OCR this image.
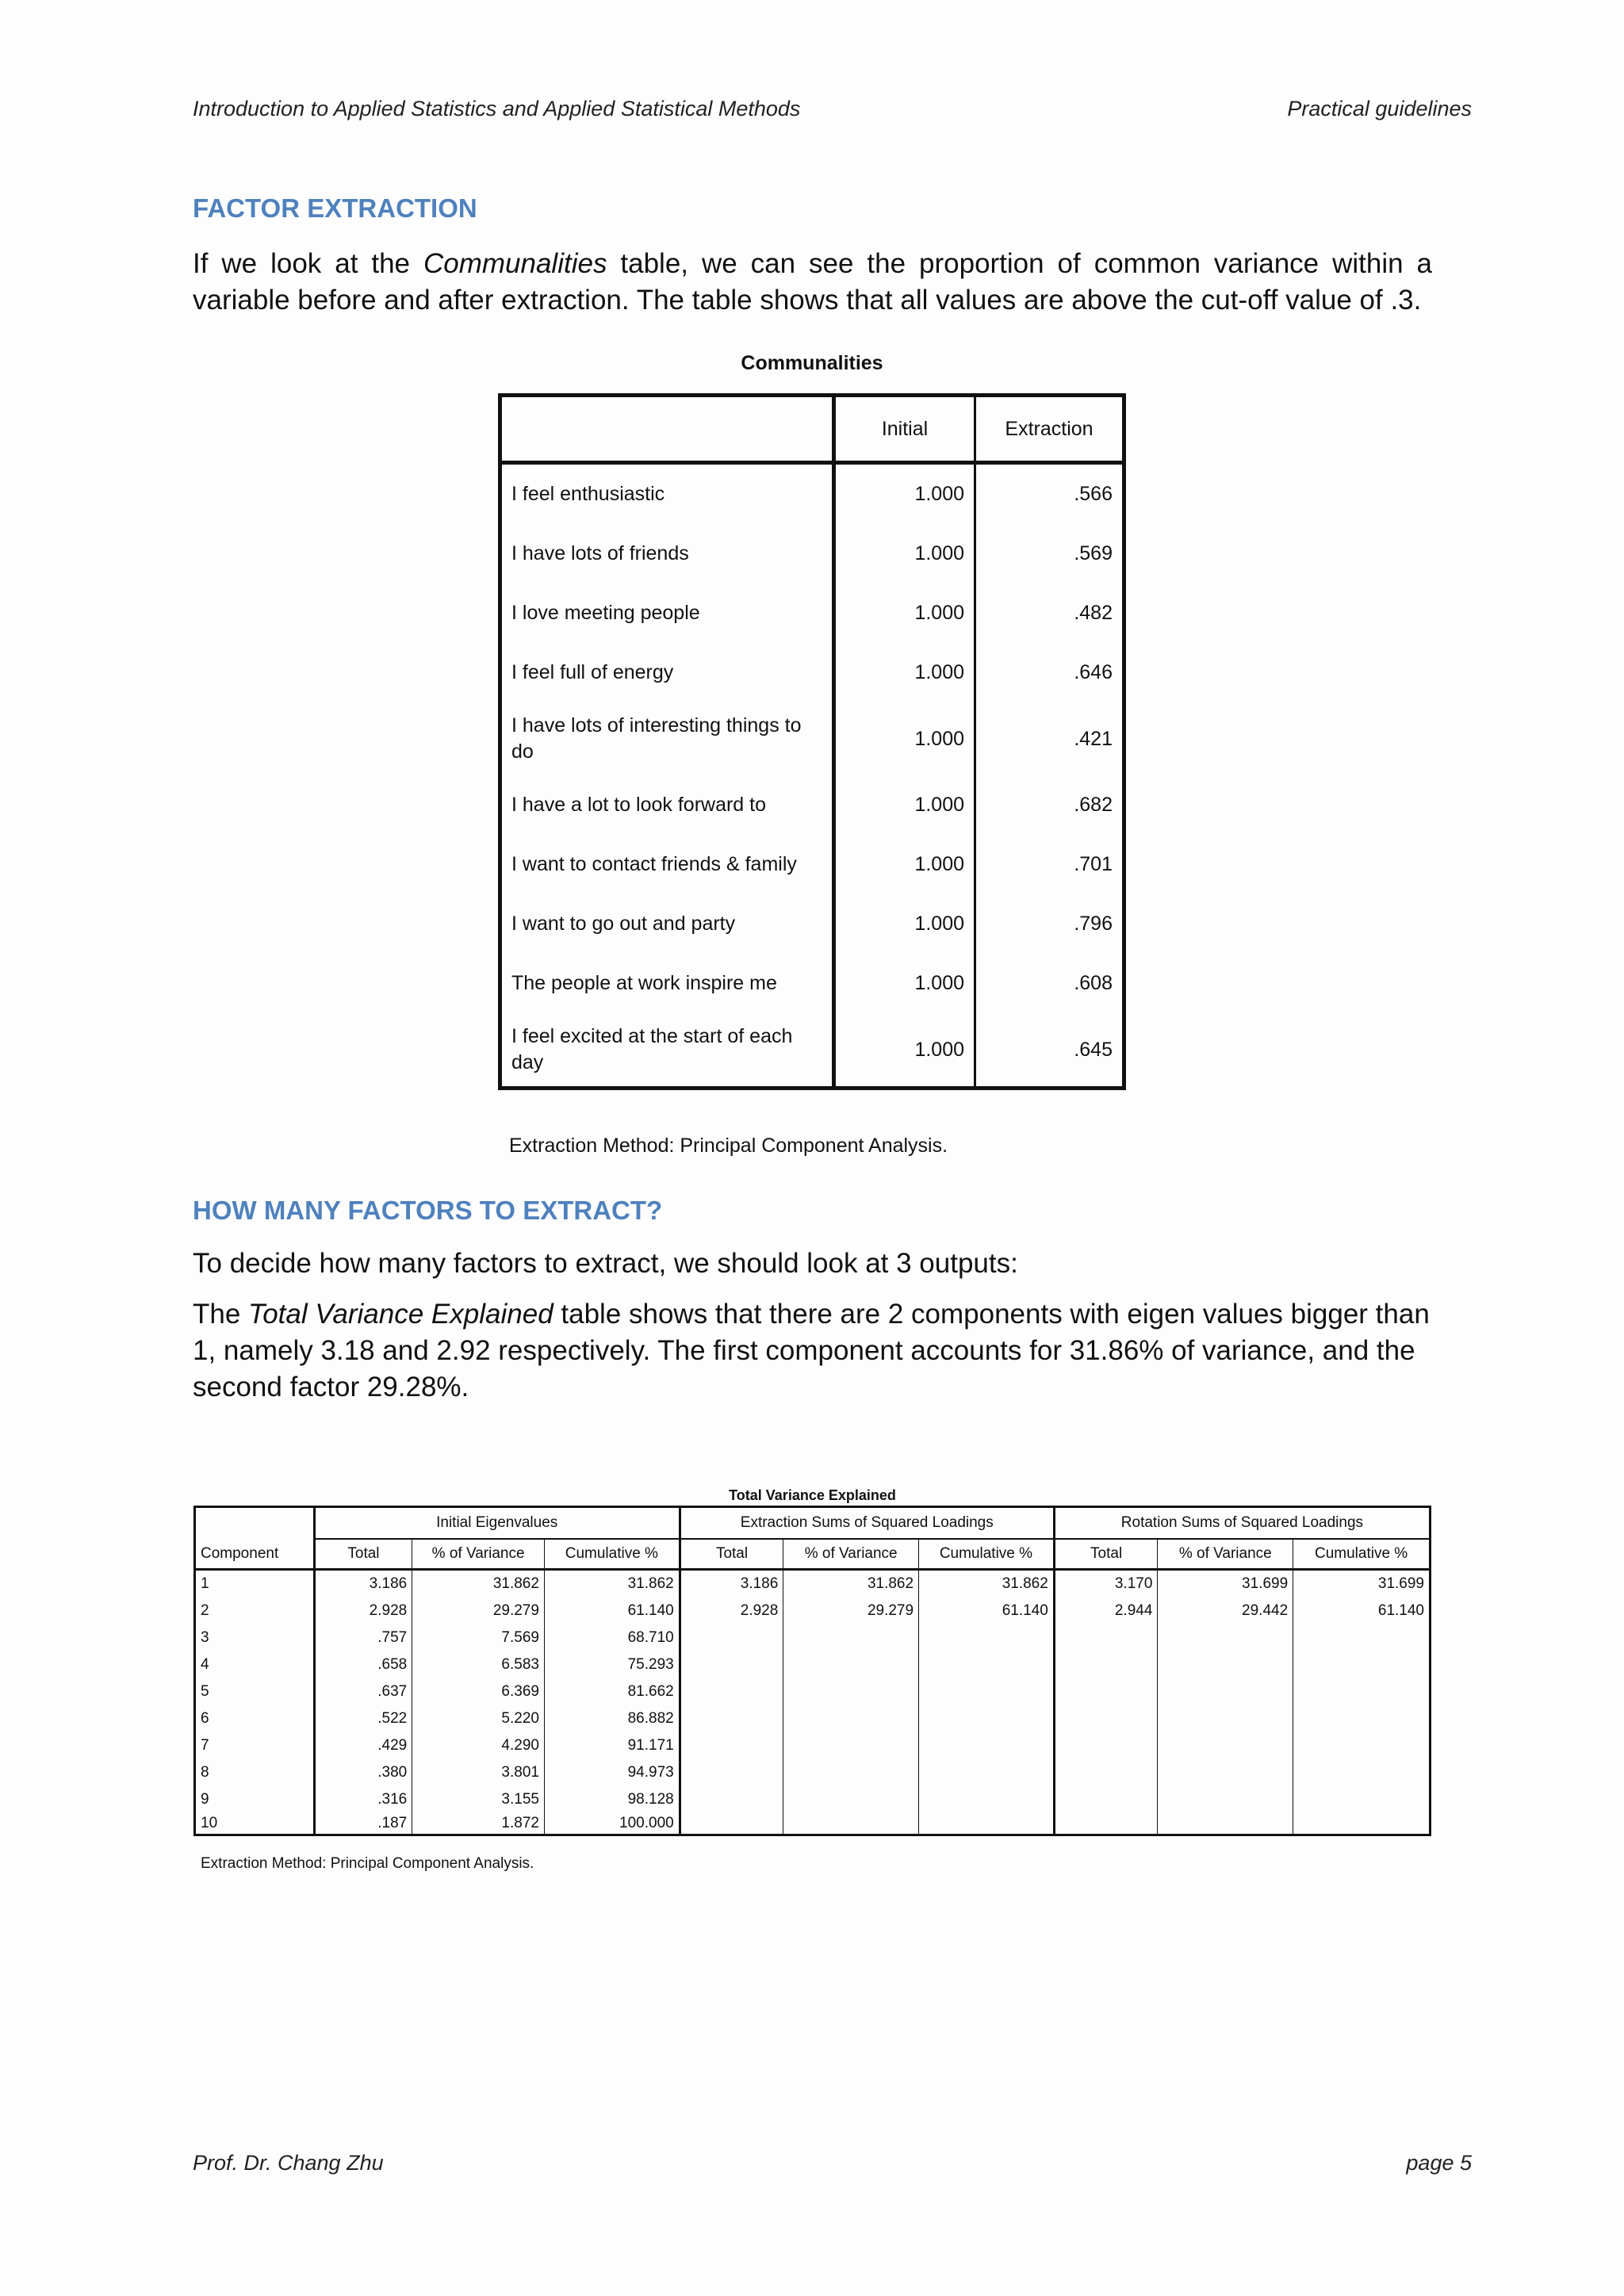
Introduction to Applied Statistics and Applied Statistical Methods	Practical guidelines
FACTOR EXTRACTION

If we look at the Communalities table, we can see the proportion of common variance within a variable before and after extraction. The table shows that all values are above the cut-off value of .3.

Communalities
	Initial	Extraction
I feel enthusiastic	1.000	.566
I have lots of friends	1.000	.569
I love meeting people	1.000	.482
I feel full of energy	1.000	.646
I have lots of interesting things to do	1.000	.421
I have a lot to look forward to	1.000	.682
I want to contact friends & family	1.000	.701
I want to go out and party	1.000	.796
The people at work inspire me	1.000	.608
I feel excited at the start of each day	1.000	.645
Extraction Method: Principal Component Analysis.
HOW MANY FACTORS TO EXTRACT?

To decide how many factors to extract, we should look at 3 outputs:

The Total Variance Explained table shows that there are 2 components with eigen values bigger than 1, namely 3.18 and 2.92 respectively. The first component accounts for 31.86% of variance, and the second factor 29.28%.

Total Variance Explained
	Initial Eigenvalues			Extraction Sums of Squared Loadings			Rotation Sums of Squared Loadings		
Component	Total	% of Variance	Cumulative %	Total	% of Variance	Cumulative %	Total	% of Variance	Cumulative %
1	3.186	31.862	31.862	3.186	31.862	31.862	3.170	31.699	31.699
2	2.928	29.279	61.140	2.928	29.279	61.140	2.944	29.442	61.140
3	.757	7.569	68.710						
4	.658	6.583	75.293						
5	.637	6.369	81.662						
6	.522	5.220	86.882						
7	.429	4.290	91.171						
8	.380	3.801	94.973						
9	.316	3.155	98.128						
10	.187	1.872	100.000						
Extraction Method: Principal Component Analysis.
Prof. Dr. Chang Zhu	page 5
